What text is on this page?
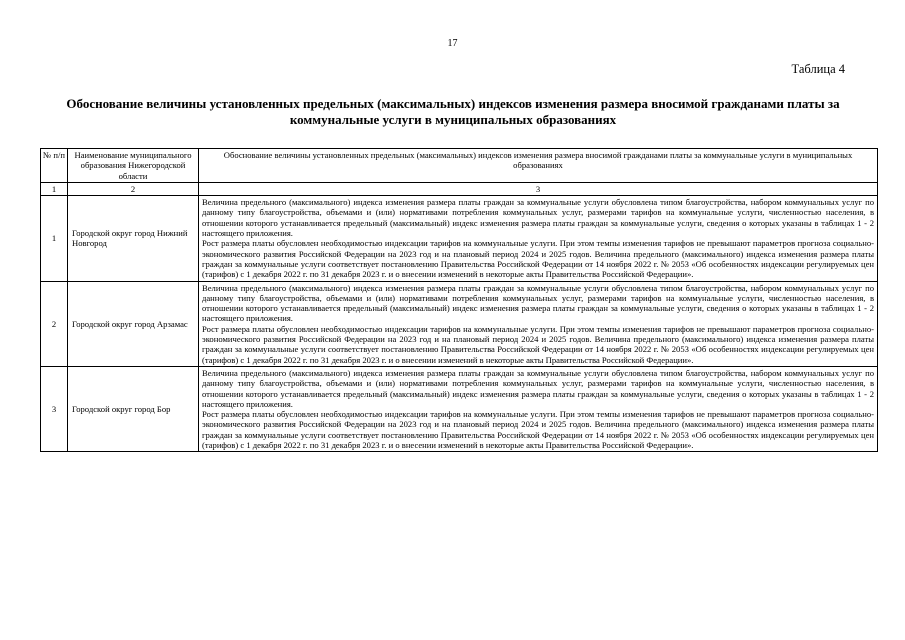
17
Таблица 4
Обоснование величины установленных предельных (максимальных) индексов изменения размера вносимой гражданами платы за коммунальные услуги в муниципальных образованиях
№ п/п	Наименование муниципального образования Нижегородской области	Обоснование величины установленных предельных (максимальных) индексов изменения размера вносимой гражданами платы за коммунальные услуги в муниципальных образованиях
1	2	3
1	Городской округ город Нижний Новгород	Величина предельного (максимального) индекса изменения размера платы граждан за коммунальные услуги обусловлена типом благоустройства, набором коммунальных услуг по данному типу благоустройства, объемами и (или) нормативами потребления коммунальных услуг, размерами тарифов на коммунальные услуги, численностью населения, в отношении которого устанавливается предельный (максимальный) индекс изменения размера платы граждан за коммунальные услуги, сведения о которых указаны в таблицах 1 - 2 настоящего приложения.

Рост размера платы обусловлен необходимостью индексации тарифов на коммунальные услуги. При этом темпы изменения тарифов не превышают параметров прогноза социально-экономического развития Российской Федерации на 2023 год и на плановый период 2024 и 2025 годов. Величина предельного (максимального) индекса изменения размера платы граждан за коммунальные услуги соответствует постановлению Правительства Российской Федерации от 14 ноября 2022 г. № 2053 «Об особенностях индексации регулируемых цен (тарифов) с 1 декабря 2022 г. по 31 декабря 2023 г. и о внесении изменений в некоторые акты Правительства Российской Федерации».

2	Городской округ город Арзамас	Величина предельного (максимального) индекса изменения размера платы граждан за коммунальные услуги обусловлена типом благоустройства, набором коммунальных услуг по данному типу благоустройства, объемами и (или) нормативами потребления коммунальных услуг, размерами тарифов на коммунальные услуги, численностью населения, в отношении которого устанавливается предельный (максимальный) индекс изменения размера платы граждан за коммунальные услуги, сведения о которых указаны в таблицах 1 - 2 настоящего приложения.

Рост размера платы обусловлен необходимостью индексации тарифов на коммунальные услуги. При этом темпы изменения тарифов не превышают параметров прогноза социально-экономического развития Российской Федерации на 2023 год и на плановый период 2024 и 2025 годов. Величина предельного (максимального) индекса изменения размера платы граждан за коммунальные услуги соответствует постановлению Правительства Российской Федерации от 14 ноября 2022 г. № 2053 «Об особенностях индексации регулируемых цен (тарифов) с 1 декабря 2022 г. по 31 декабря 2023 г. и о внесении изменений в некоторые акты Правительства Российской Федерации».

3	Городской округ город Бор	Величина предельного (максимального) индекса изменения размера платы граждан за коммунальные услуги обусловлена типом благоустройства, набором коммунальных услуг по данному типу благоустройства, объемами и (или) нормативами потребления коммунальных услуг, размерами тарифов на коммунальные услуги, численностью населения, в отношении которого устанавливается предельный (максимальный) индекс изменения размера платы граждан за коммунальные услуги, сведения о которых указаны в таблицах 1 - 2 настоящего приложения.

Рост размера платы обусловлен необходимостью индексации тарифов на коммунальные услуги. При этом темпы изменения тарифов не превышают параметров прогноза социально-экономического развития Российской Федерации на 2023 год и на плановый период 2024 и 2025 годов. Величина предельного (максимального) индекса изменения размера платы граждан за коммунальные услуги соответствует постановлению Правительства Российской Федерации от 14 ноября 2022 г. № 2053 «Об особенностях индексации регулируемых цен (тарифов) с 1 декабря 2022 г. по 31 декабря 2023 г. и о внесении изменений в некоторые акты Правительства Российской Федерации».
